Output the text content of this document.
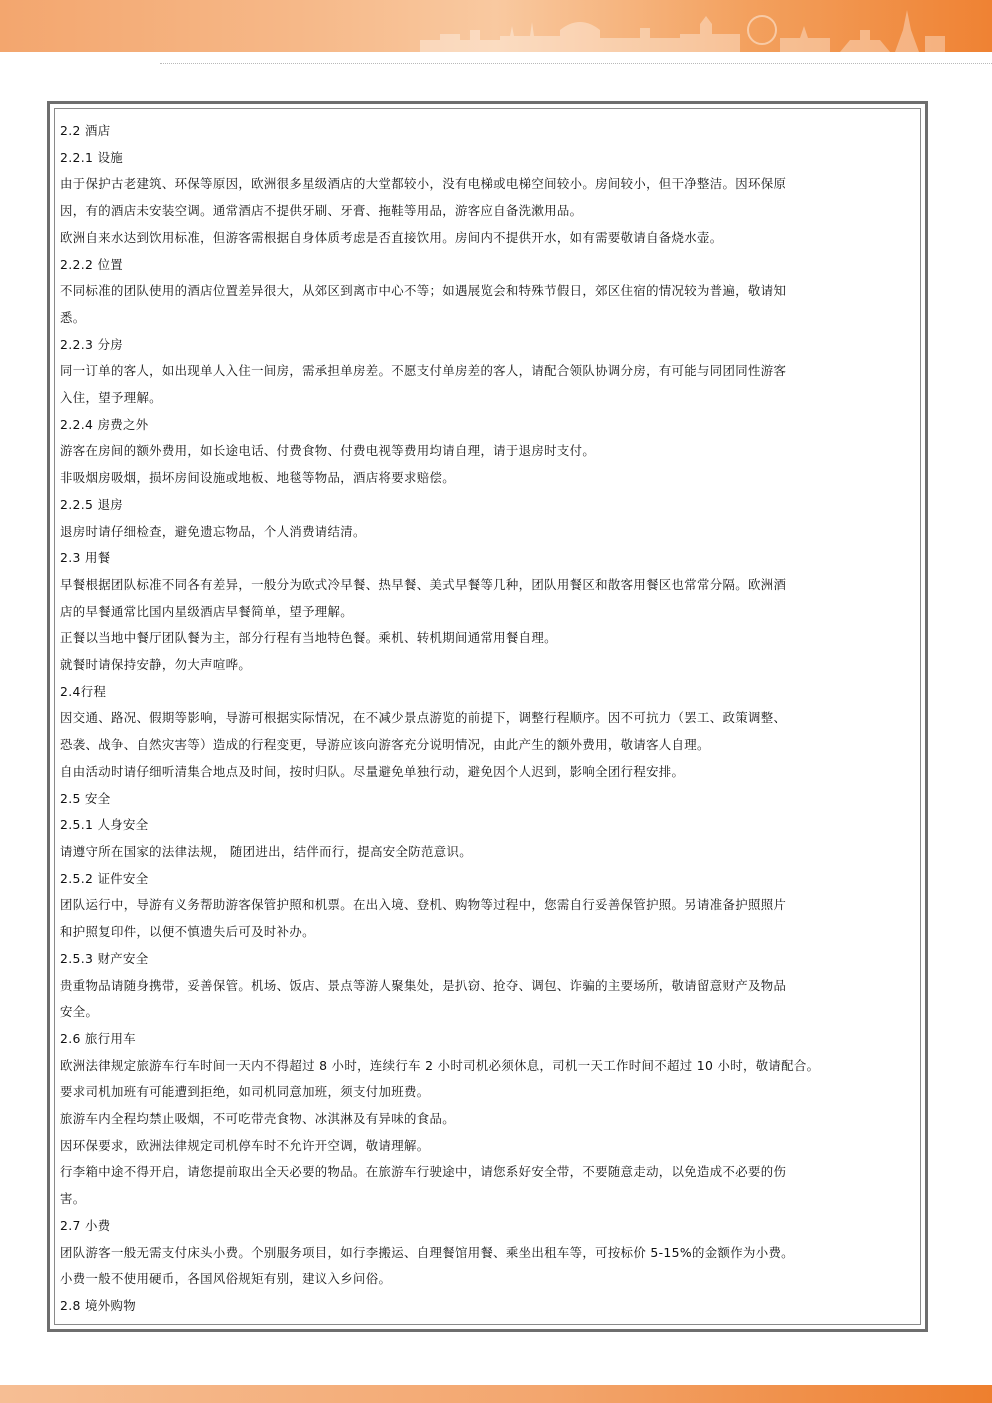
2.2 酒店

2.2.1 设施

由于保护古老建筑、环保等原因，欧洲很多星级酒店的大堂都较小，没有电梯或电梯空间较小。房间较小，但干净整洁。因环保原

因，有的酒店未安装空调。通常酒店不提供牙刷、牙膏、拖鞋等用品，游客应自备洗漱用品。

欧洲自来水达到饮用标准，但游客需根据自身体质考虑是否直接饮用。房间内不提供开水，如有需要敬请自备烧水壶。

2.2.2 位置

不同标准的团队使用的酒店位置差异很大，从郊区到离市中心不等；如遇展览会和特殊节假日，郊区住宿的情况较为普遍，敬请知

悉。

2.2.3 分房

同一订单的客人，如出现单人入住一间房，需承担单房差。不愿支付单房差的客人，请配合领队协调分房，有可能与同团同性游客

入住，望予理解。

2.2.4 房费之外

游客在房间的额外费用，如长途电话、付费食物、付费电视等费用均请自理，请于退房时支付。

非吸烟房吸烟，损坏房间设施或地板、地毯等物品，酒店将要求赔偿。

2.2.5 退房

退房时请仔细检查，避免遗忘物品，个人消费请结清。

2.3 用餐

早餐根据团队标准不同各有差异，一般分为欧式冷早餐、热早餐、美式早餐等几种，团队用餐区和散客用餐区也常常分隔。欧洲酒

店的早餐通常比国内星级酒店早餐简单，望予理解。

正餐以当地中餐厅团队餐为主，部分行程有当地特色餐。乘机、转机期间通常用餐自理。

就餐时请保持安静，勿大声喧哗。

2.4行程

因交通、路况、假期等影响，导游可根据实际情况，在不减少景点游览的前提下，调整行程顺序。因不可抗力（罢工、政策调整、

恐袭、战争、自然灾害等）造成的行程变更，导游应该向游客充分说明情况，由此产生的额外费用，敬请客人自理。

自由活动时请仔细听清集合地点及时间，按时归队。尽量避免单独行动，避免因个人迟到，影响全团行程安排。

2.5 安全

2.5.1 人身安全

请遵守所在国家的法律法规， 随团进出，结伴而行，提高安全防范意识。

2.5.2 证件安全

团队运行中，导游有义务帮助游客保管护照和机票。在出入境、登机、购物等过程中，您需自行妥善保管护照。另请准备护照照片

和护照复印件，以便不慎遗失后可及时补办。

2.5.3 财产安全

贵重物品请随身携带，妥善保管。机场、饭店、景点等游人聚集处，是扒窃、抢夺、调包、诈骗的主要场所，敬请留意财产及物品

安全。

2.6 旅行用车

欧洲法律规定旅游车行车时间一天内不得超过 8 小时，连续行车 2 小时司机必须休息，司机一天工作时间不超过 10 小时，敬请配合。

要求司机加班有可能遭到拒绝，如司机同意加班，须支付加班费。

旅游车内全程均禁止吸烟，不可吃带壳食物、冰淇淋及有异味的食品。

因环保要求，欧洲法律规定司机停车时不允许开空调，敬请理解。

行李箱中途不得开启，请您提前取出全天必要的物品。在旅游车行驶途中，请您系好安全带，不要随意走动，以免造成不必要的伤

害。

2.7 小费

团队游客一般无需支付床头小费。个别服务项目，如行李搬运、自理餐馆用餐、乘坐出租车等，可按标价 5-15%的金额作为小费。

小费一般不使用硬币，各国风俗规矩有别，建议入乡问俗。

2.8 境外购物
